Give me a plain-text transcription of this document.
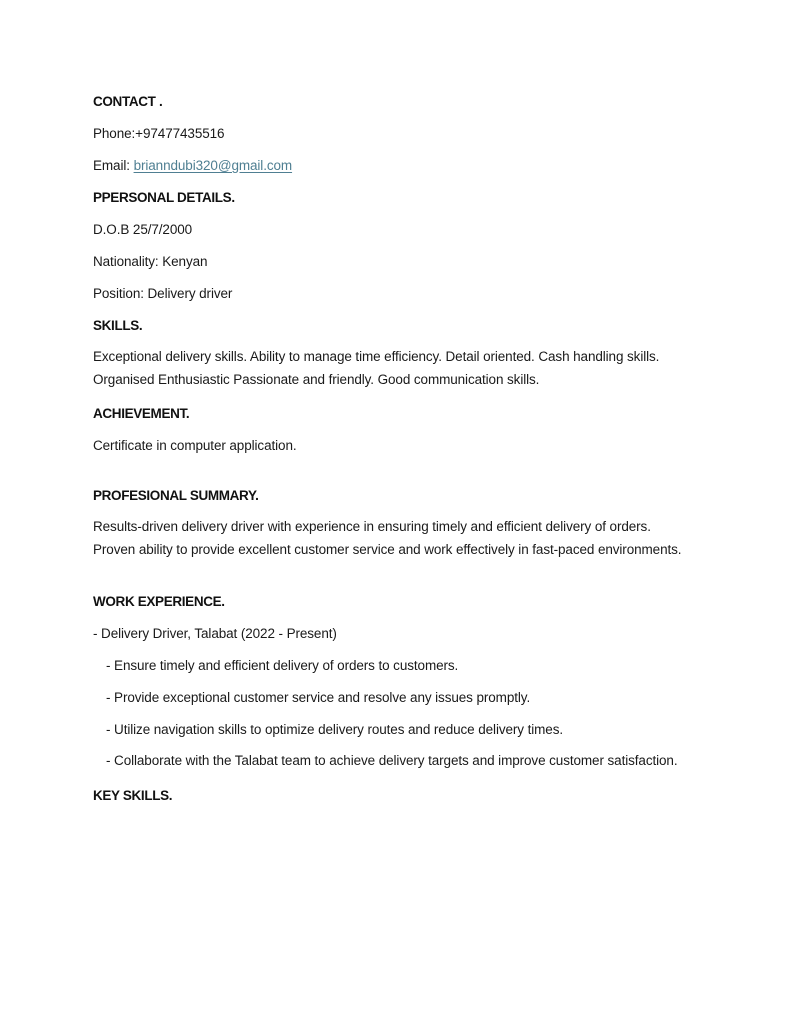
CONTACT .
Phone:+97477435516
Email: brianndubi320@gmail.com
PPERSONAL DETAILS.
D.O.B 25/7/2000
Nationality: Kenyan
Position: Delivery driver
SKILLS.
Exceptional delivery skills. Ability to manage time efficiency. Detail oriented. Cash handling skills. Organised Enthusiastic Passionate and friendly. Good communication skills.
ACHIEVEMENT.
Certificate in computer application.
PROFESIONAL SUMMARY.
Results-driven delivery driver with experience in ensuring timely and efficient delivery of orders. Proven ability to provide excellent customer service and work effectively in fast-paced environments.
WORK EXPERIENCE.
- Delivery Driver, Talabat (2022 - Present)
- Ensure timely and efficient delivery of orders to customers.
- Provide exceptional customer service and resolve any issues promptly.
- Utilize navigation skills to optimize delivery routes and reduce delivery times.
- Collaborate with the Talabat team to achieve delivery targets and improve customer satisfaction.
KEY SKILLS.
